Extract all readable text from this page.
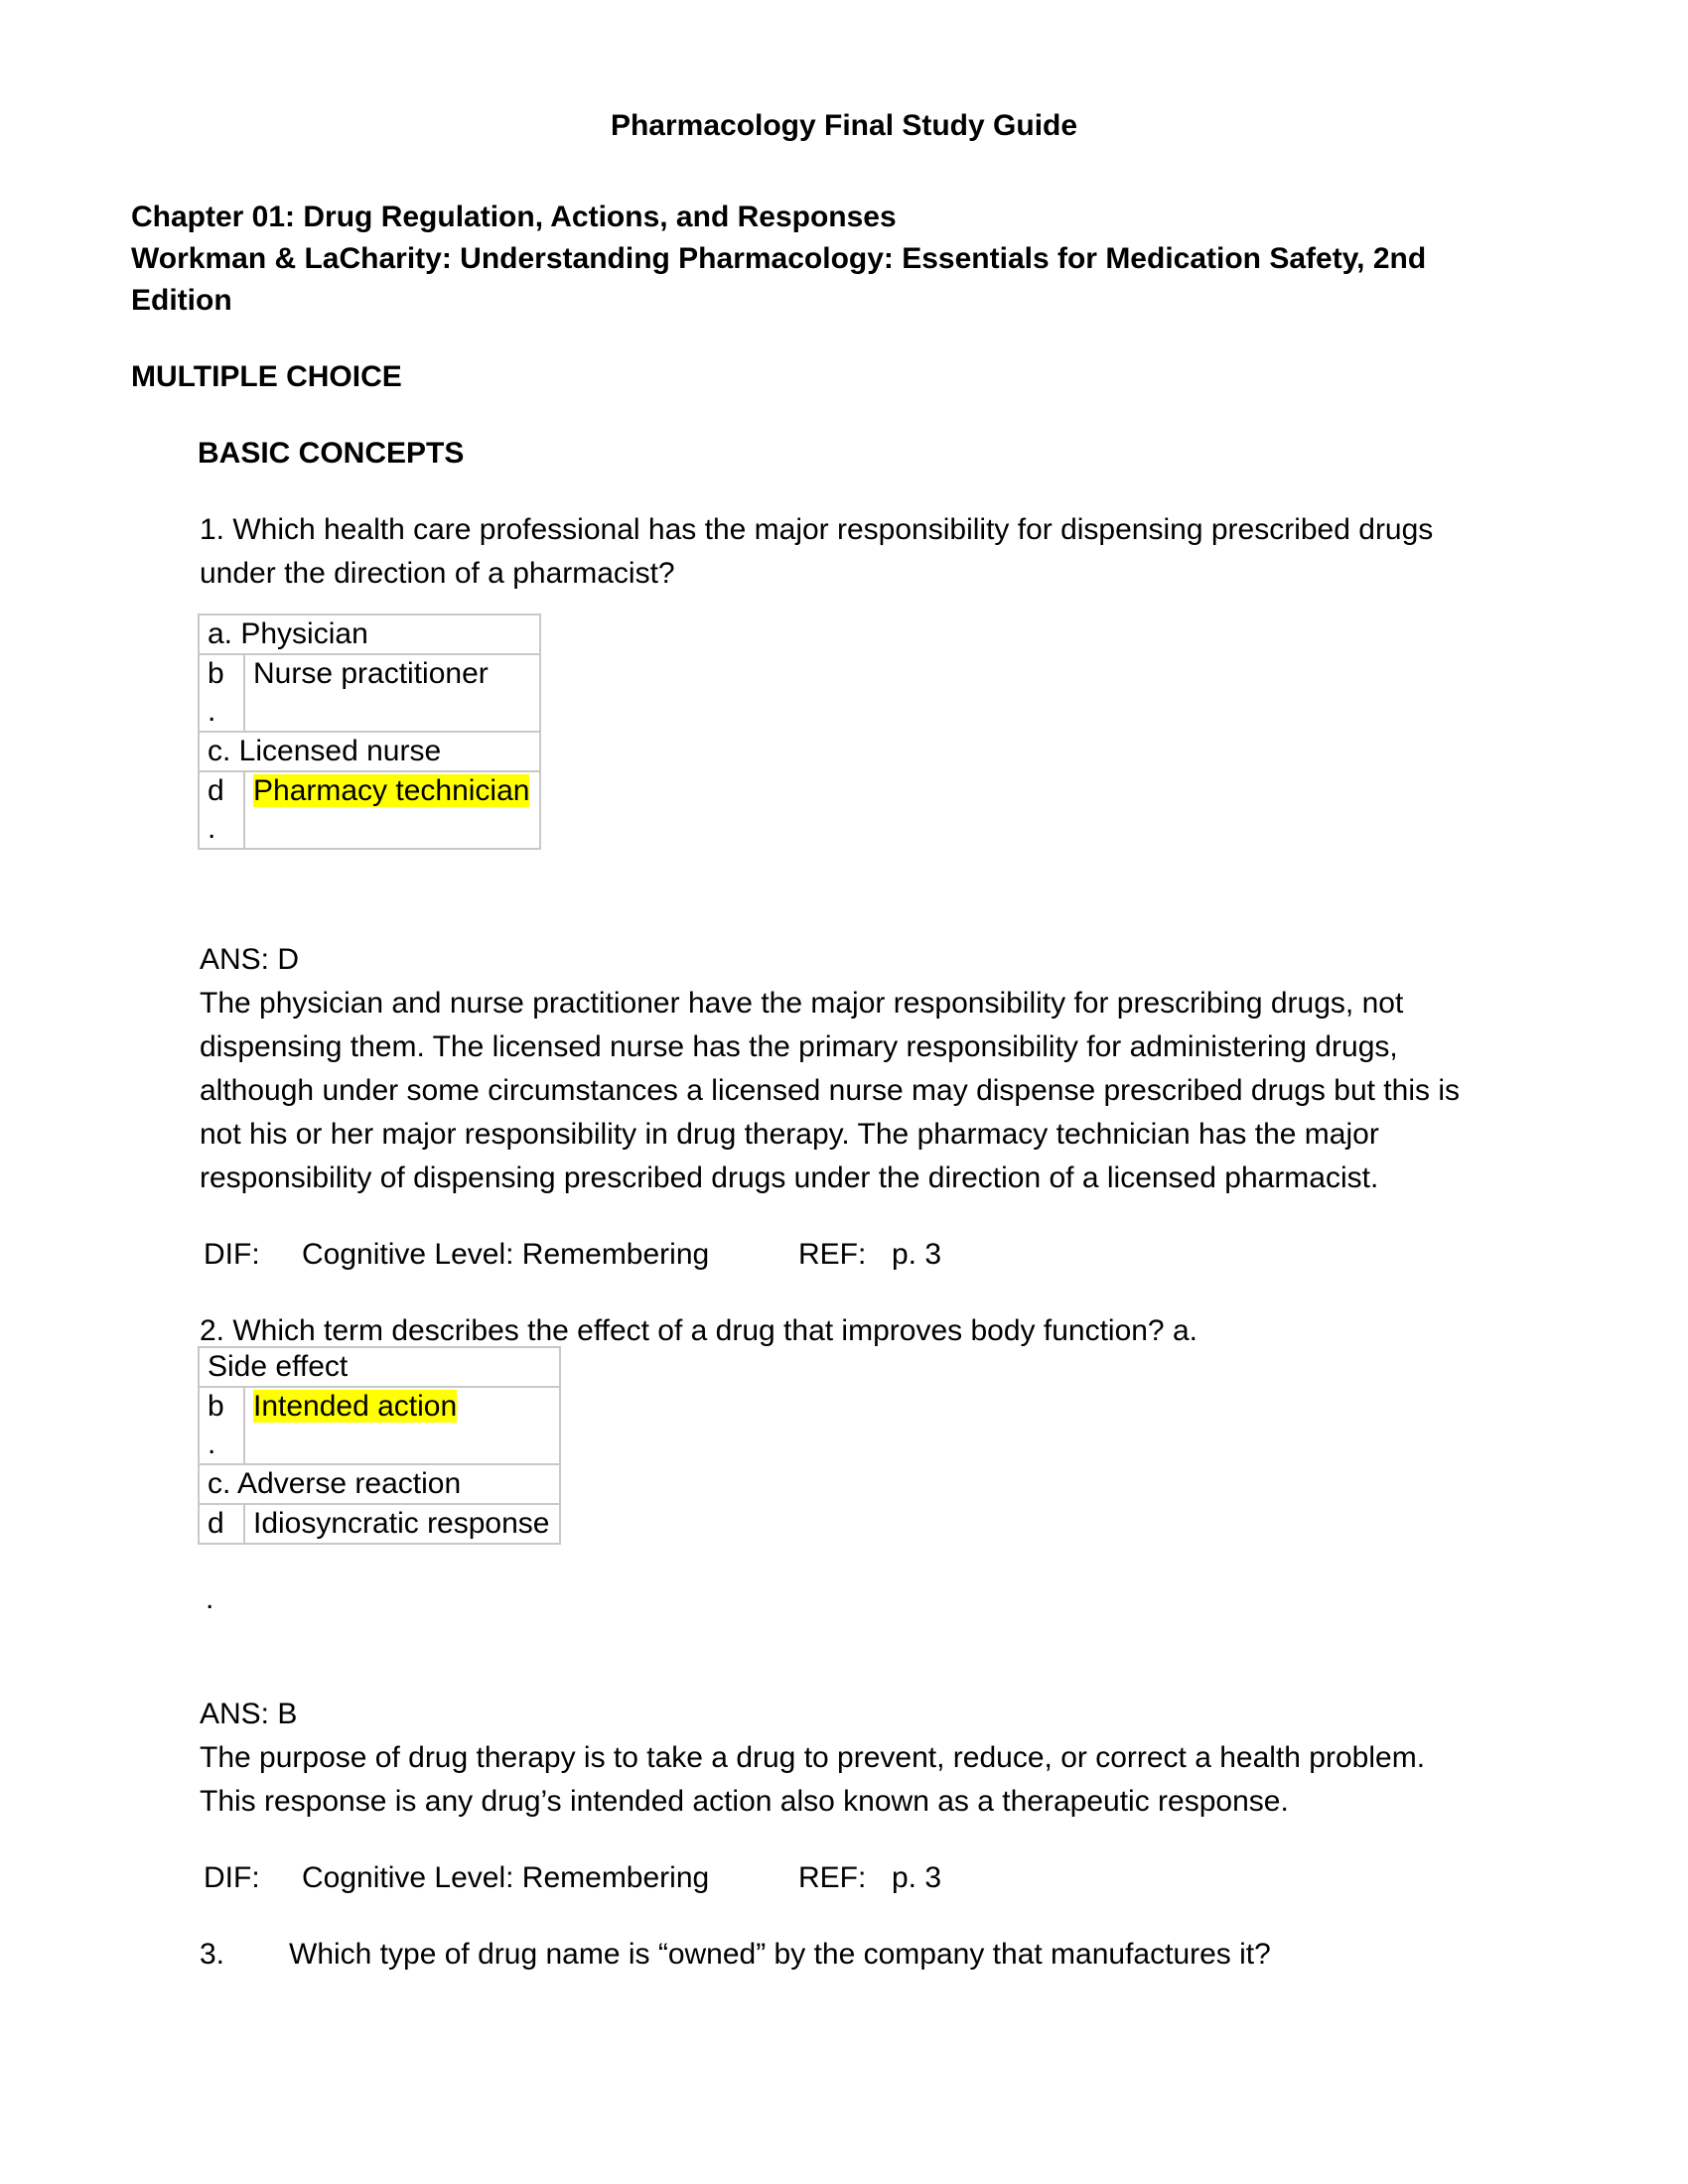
Pharmacology Final Study Guide
Chapter 01: Drug Regulation, Actions, and Responses
Workman & LaCharity: Understanding Pharmacology: Essentials for Medication Safety, 2nd
Edition
MULTIPLE CHOICE
BASIC CONCEPTS
1. Which health care professional has the major responsibility for dispensing prescribed drugs
under the direction of a pharmacist?
a. Physician	
b
.	Nurse practitioner
c. Licensed nurse	
d
.	Pharmacy technician
ANS: D
The physician and nurse practitioner have the major responsibility for prescribing drugs, not
dispensing them. The licensed nurse has the primary responsibility for administering drugs,
although under some circumstances a licensed nurse may dispense prescribed drugs but this is
not his or her major responsibility in drug therapy. The pharmacy technician has the major
responsibility of dispensing prescribed drugs under the direction of a licensed pharmacist.
DIF: Cognitive Level: Remembering	REF: p. 3
2. Which term describes the effect of a drug that improves body function? a.
Side effect	
b
.	Intended action
c. Adverse reaction	
d	Idiosyncratic response
.
ANS: B
The purpose of drug therapy is to take a drug to prevent, reduce, or correct a health problem.
This response is any drug’s intended action also known as a therapeutic response.
DIF: Cognitive Level: Remembering	REF: p. 3
3. Which type of drug name is “owned” by the company that manufactures it?
